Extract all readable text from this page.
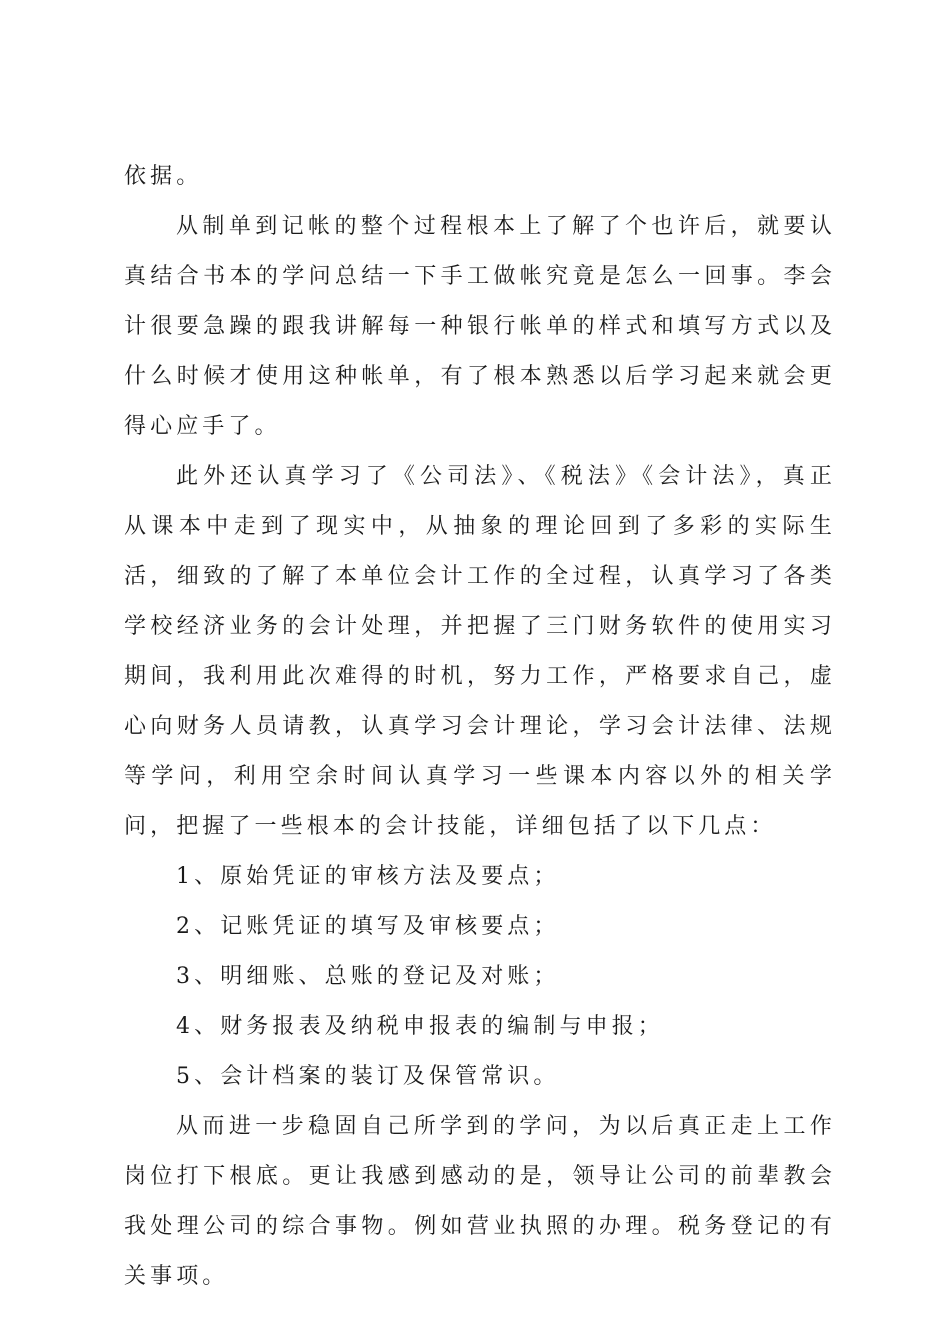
依据。

从制单到记帐的整个过程根本上了解了个也许后，就要认真结合书本的学问总结一下手工做帐究竟是怎么一回事。李会计很要急躁的跟我讲解每一种银行帐单的样式和填写方式以及什么时候才使用这种帐单，有了根本熟悉以后学习起来就会更得心应手了。

此外还认真学习了《公司法》、《税法》《会计法》，真正从课本中走到了现实中，从抽象的理论回到了多彩的实际生活，细致的了解了本单位会计工作的全过程，认真学习了各类学校经济业务的会计处理，并把握了三门财务软件的使用实习期间，我利用此次难得的时机，努力工作，严格要求自己，虚心向财务人员请教，认真学习会计理论，学习会计法律、法规等学问，利用空余时间认真学习一些课本内容以外的相关学问，把握了一些根本的会计技能，详细包括了以下几点：

1、原始凭证的审核方法及要点；

2、记账凭证的填写及审核要点；

3、明细账、总账的登记及对账；

4、财务报表及纳税申报表的编制与申报；

5、会计档案的装订及保管常识。

从而进一步稳固自己所学到的学问，为以后真正走上工作岗位打下根底。更让我感到感动的是，领导让公司的前辈教会我处理公司的综合事物。例如营业执照的办理。税务登记的有关事项。
